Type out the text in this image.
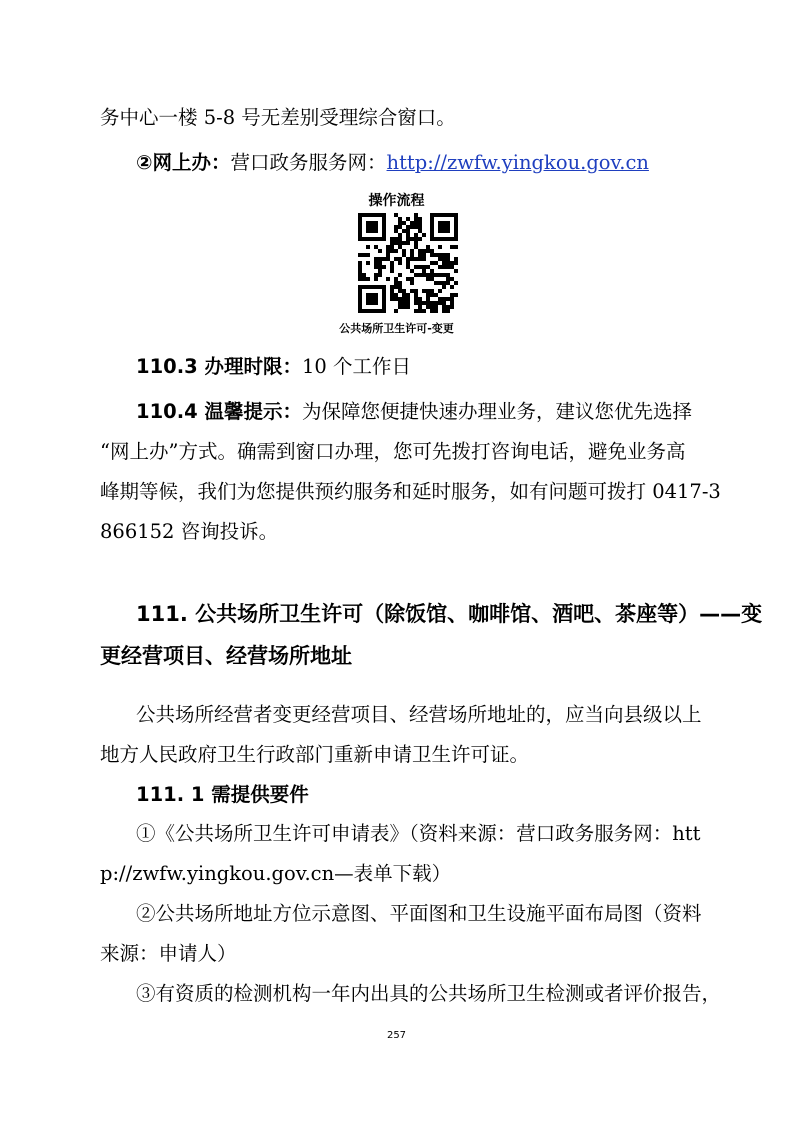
务中心一楼 5-8 号无差别受理综合窗口。
②网上办：营口政务服务网：http://zwfw.yingkou.gov.cn
操作流程
公共场所卫生许可-变更
110.3 办理时限：10 个工作日
110.4 温馨提示：为保障您便捷快速办理业务，建议您优先选择
“网上办”方式。确需到窗口办理，您可先拨打咨询电话，避免业务高
峰期等候，我们为您提供预约服务和延时服务，如有问题可拨打 0417-3
866152 咨询投诉。
111. 公共场所卫生许可（除饭馆、咖啡馆、酒吧、茶座等）——变
更经营项目、经营场所地址
公共场所经营者变更经营项目、经营场所地址的，应当向县级以上
地方人民政府卫生行政部门重新申请卫生许可证。
111. 1 需提供要件
①《公共场所卫生许可申请表》（资料来源：营口政务服务网：htt
p://zwfw.yingkou.gov.cn—表单下载）
②公共场所地址方位示意图、平面图和卫生设施平面布局图（资料
来源：申请人）
③有资质的检测机构一年内出具的公共场所卫生检测或者评价报告，
257
